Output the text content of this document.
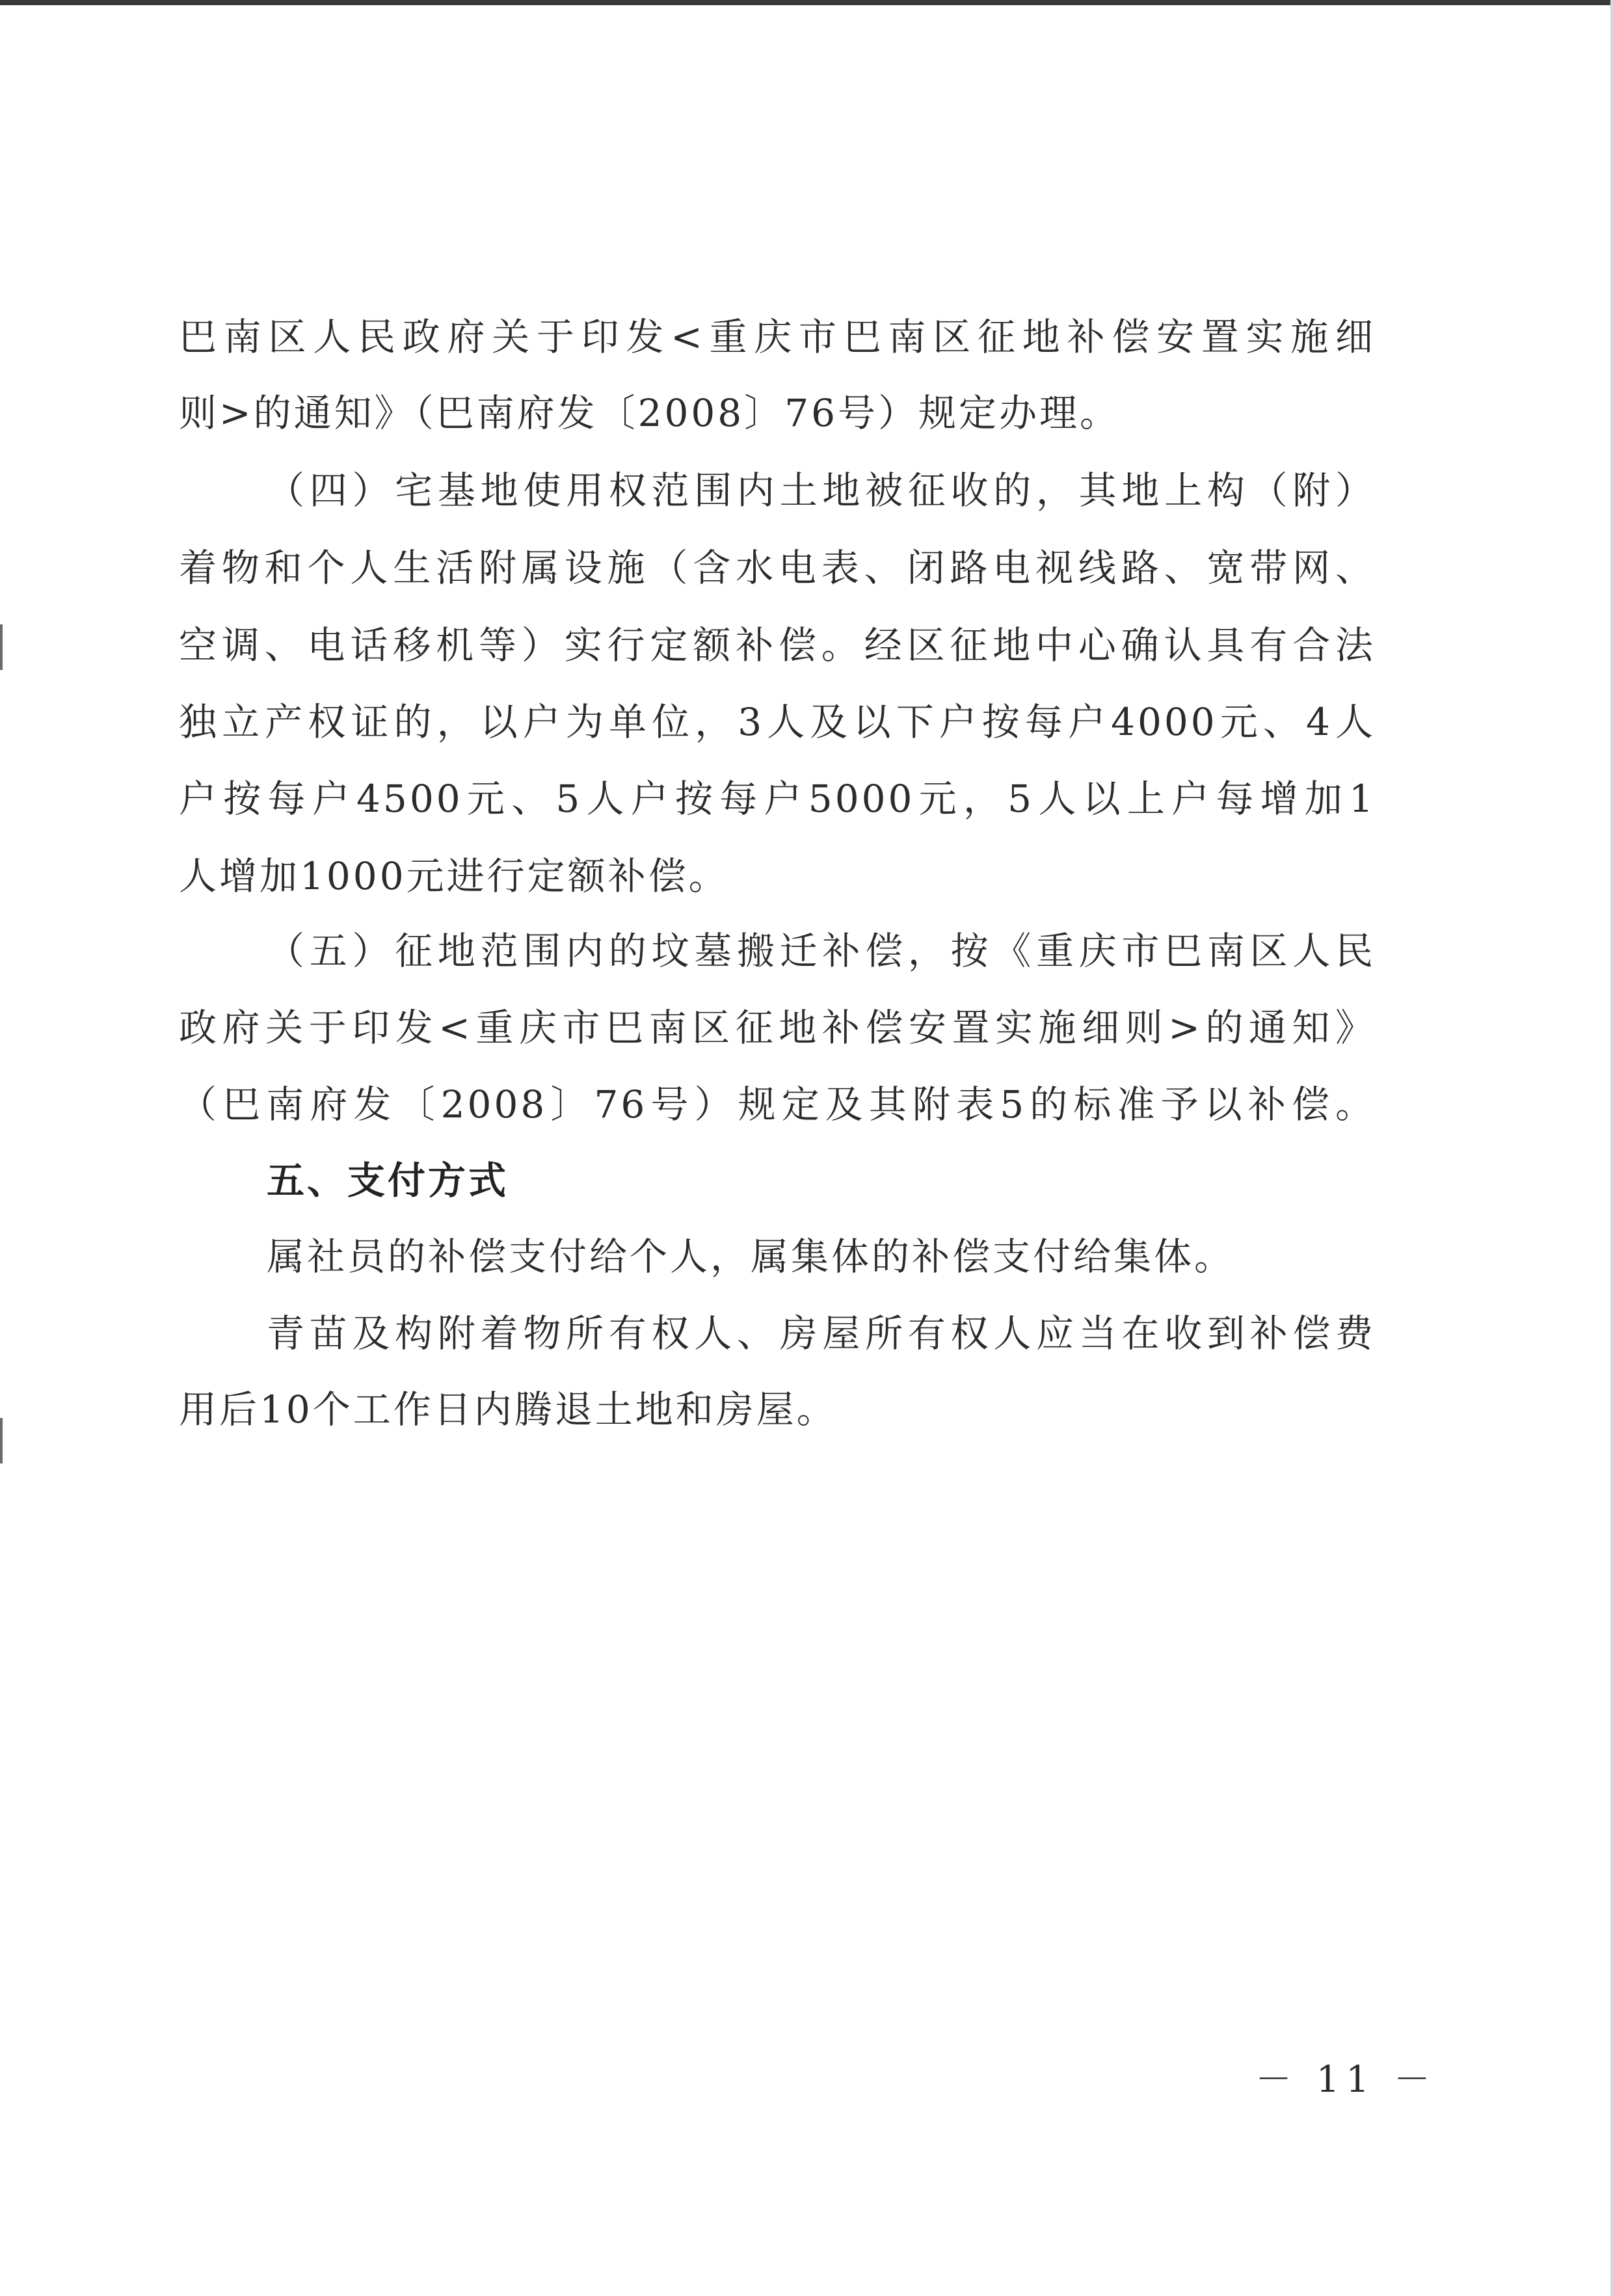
巴南区人民政府关于印发<重庆市巴南区征地补偿安置实施细
则>的通知》（巴南府发〔2008〕76号）规定办理。
（四）宅基地使用权范围内土地被征收的，其地上构（附）
着物和个人生活附属设施（含水电表、闭路电视线路、宽带网、
空调、电话移机等）实行定额补偿。经区征地中心确认具有合法
独立产权证的，以户为单位，3人及以下户按每户4000元、4人
户按每户4500元、5人户按每户5000元，5人以上户每增加1
人增加1000元进行定额补偿。
（五）征地范围内的坟墓搬迁补偿，按《重庆市巴南区人民
政府关于印发<重庆市巴南区征地补偿安置实施细则>的通知》
（巴南府发〔2008〕76号）规定及其附表5的标准予以补偿。
五、支付方式
属社员的补偿支付给个人，属集体的补偿支付给集体。
青苗及构附着物所有权人、房屋所有权人应当在收到补偿费
用后10个工作日内腾退土地和房屋。
－ 11 －
